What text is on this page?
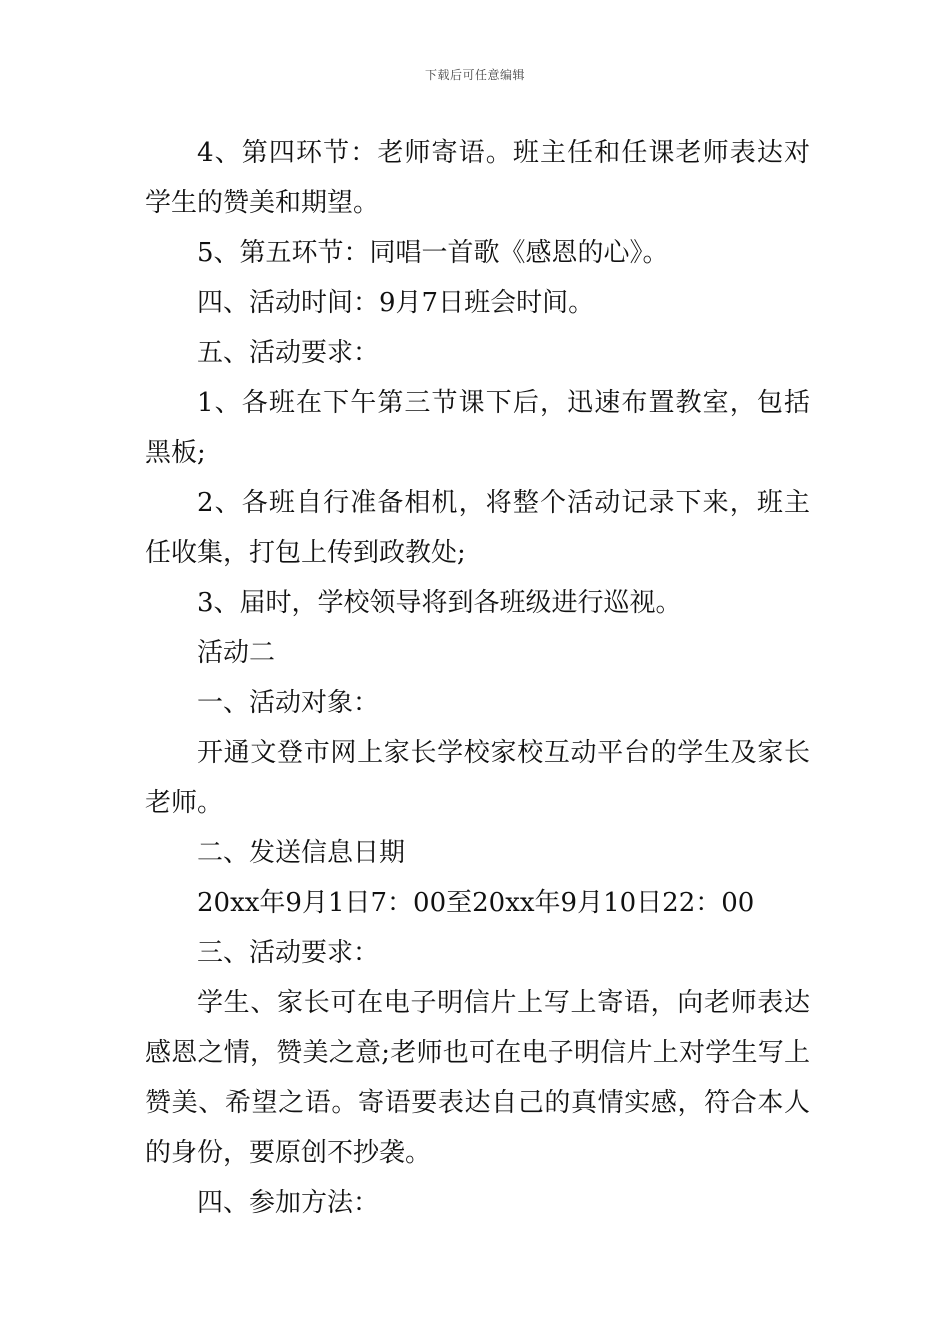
下载后可任意编辑

4、第四环节：老师寄语。班主任和任课老师表达对学生的赞美和期望。

5、第五环节：同唱一首歌《感恩的心》。

四、活动时间：9月7日班会时间。

五、活动要求：

1、各班在下午第三节课下后，迅速布置教室，包括黑板;

2、各班自行准备相机，将整个活动记录下来，班主任收集，打包上传到政教处;

3、届时，学校领导将到各班级进行巡视。

活动二

一、活动对象：

开通文登市网上家长学校家校互动平台的学生及家长老师。

二、发送信息日期

20xx年9月1日7：00至20xx年9月10日22：00

三、活动要求：

学生、家长可在电子明信片上写上寄语，向老师表达感恩之情，赞美之意;老师也可在电子明信片上对学生写上赞美、希望之语。寄语要表达自己的真情实感，符合本人的身份，要原创不抄袭。

四、参加方法：
